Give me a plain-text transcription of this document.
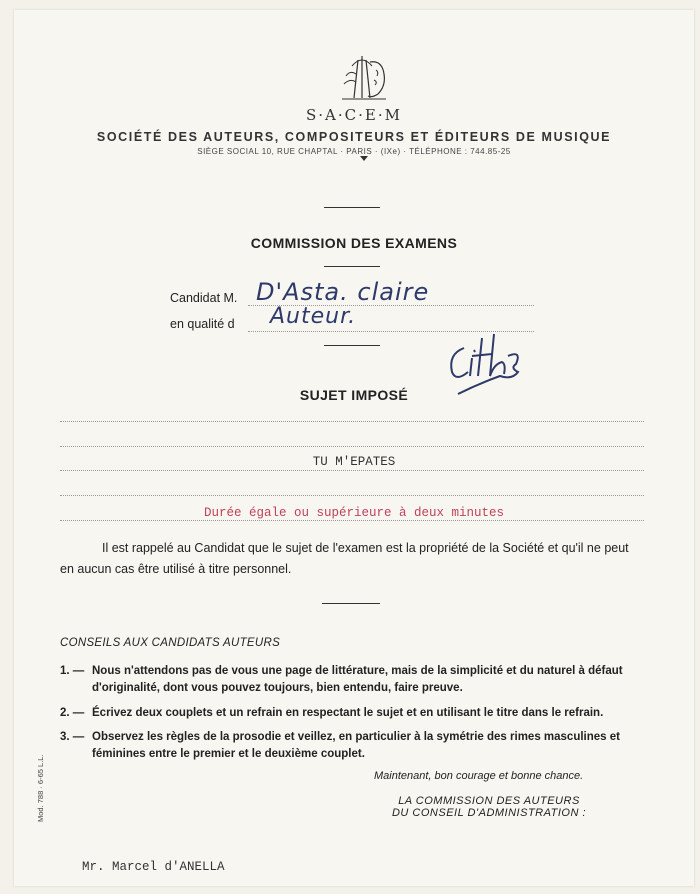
S·A·C·E·M
SOCIÉTÉ DES AUTEURS, COMPOSITEURS ET ÉDITEURS DE MUSIQUE
SIÈGE SOCIAL 10, RUE CHAPTAL · PARIS · (IXe) · TÉLÉPHONE : 744.85-25
COMMISSION DES EXAMENS
Candidat M. D'Asta. claire
en qualité d Auteur.
SUJET IMPOSÉ
TU M'EPATES
Durée égale ou supérieure à deux minutes
Il est rappelé au Candidat que le sujet de l'examen est la propriété de la Société et qu'il ne peut en aucun cas être utilisé à titre personnel.
CONSEILS AUX CANDIDATS AUTEURS
1. — Nous n'attendons pas de vous une page de littérature, mais de la simplicité et du naturel à défaut d'originalité, dont vous pouvez toujours, bien entendu, faire preuve.
2. — Écrivez deux couplets et un refrain en respectant le sujet et en utilisant le titre dans le refrain.
3. — Observez les règles de la prosodie et veillez, en particulier à la symétrie des rimes masculines et féminines entre le premier et le deuxième couplet.
Maintenant, bon courage et bonne chance.
LA COMMISSION DES AUTEURS
DU CONSEIL D'ADMINISTRATION :
Mod. 788 · 6-65 L.L.
Mr. Marcel d'ANELLA
